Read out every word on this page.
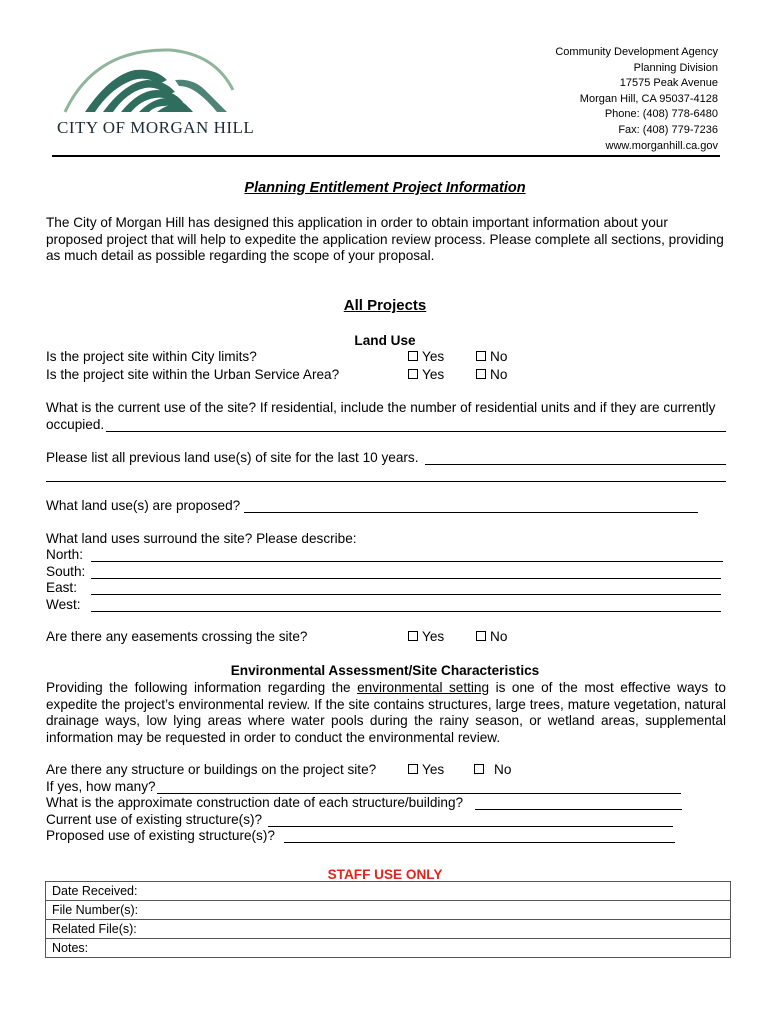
CITY OF MORGAN HILL
Community Development Agency
Planning Division
17575 Peak Avenue
Morgan Hill, CA 95037-4128
Phone: (408) 778-6480
Fax: (408) 779-7236
www.morganhill.ca.gov
Planning Entitlement Project Information
The City of Morgan Hill has designed this application in order to obtain important information about your proposed project that will help to expedite the application review process. Please complete all sections, providing as much detail as possible regarding the scope of your proposal.
All Projects
Land Use
Is the project site within City limits?	Yes	No
Is the project site within the Urban Service Area?	Yes	No
What is the current use of the site? If residential, include the number of residential units and if they are currently
occupied.
Please list all previous land use(s) of site for the last 10 years.
What land use(s) are proposed?
What land uses surround the site? Please describe:
North:
South:
East:
West:
Are there any easements crossing the site?	Yes	No
Environmental Assessment/Site Characteristics
Providing the following information regarding the environmental setting is one of the most effective ways to expedite the project’s environmental review. If the site contains structures, large trees, mature vegetation, natural drainage ways, low lying areas where water pools during the rainy season, or wetland areas, supplemental information may be requested in order to conduct the environmental review.
Are there any structure or buildings on the project site?	Yes	No
If yes, how many?
What is the approximate construction date of each structure/building?
Current use of existing structure(s)?
Proposed use of existing structure(s)?
STAFF USE ONLY
Date Received:
File Number(s):
Related File(s):
Notes:
